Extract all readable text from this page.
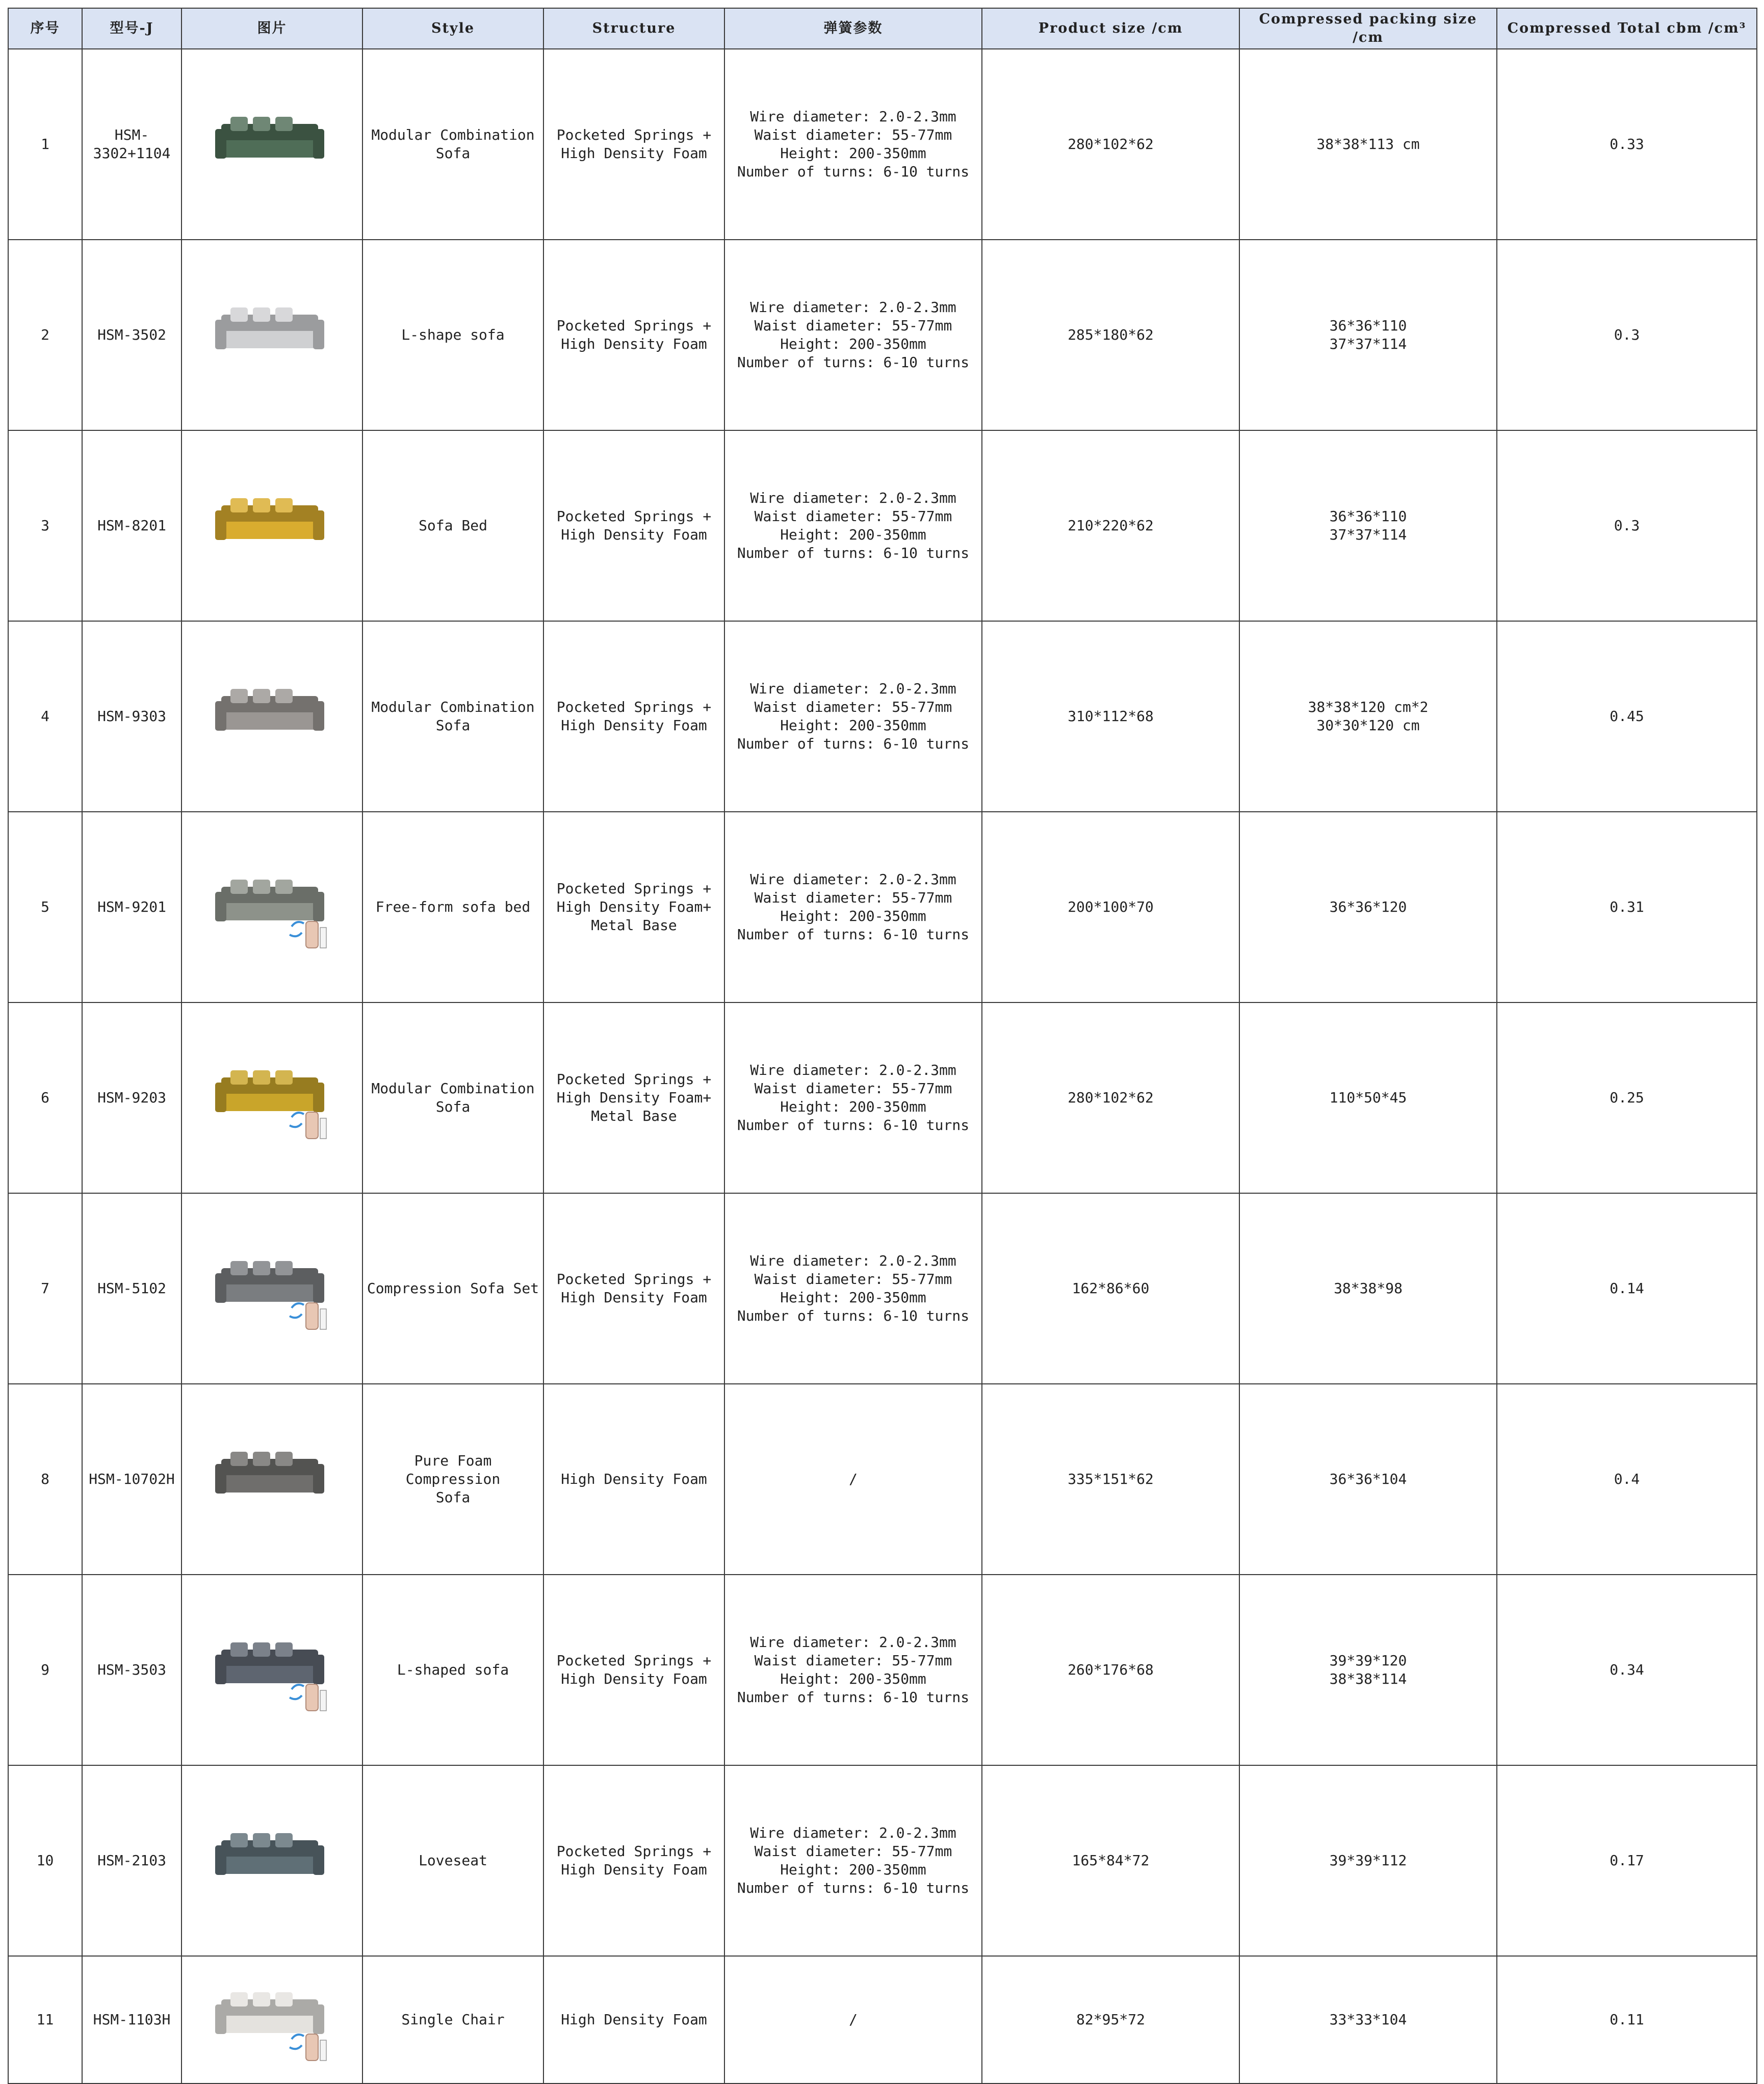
序号	型号-J	图片	Style	Structure	弹簧参数	Product size /cm	Compressed packing size /cm	Compressed Total cbm /cm³
1	HSM-
3302+1104		Modular Combination
Sofa	Pocketed Springs +
High Density Foam	Wire diameter: 2.0-2.3mm
Waist diameter: 55-77mm
Height: 200-350mm
Number of turns: 6-10 turns	280*102*62	38*38*113 cm	0.33
2	HSM-3502		L-shape sofa	Pocketed Springs +
High Density Foam	Wire diameter: 2.0-2.3mm
Waist diameter: 55-77mm
Height: 200-350mm
Number of turns: 6-10 turns	285*180*62	36*36*110
37*37*114	0.3
3	HSM-8201		Sofa Bed	Pocketed Springs +
High Density Foam	Wire diameter: 2.0-2.3mm
Waist diameter: 55-77mm
Height: 200-350mm
Number of turns: 6-10 turns	210*220*62	36*36*110
37*37*114	0.3
4	HSM-9303		Modular Combination
Sofa	Pocketed Springs +
High Density Foam	Wire diameter: 2.0-2.3mm
Waist diameter: 55-77mm
Height: 200-350mm
Number of turns: 6-10 turns	310*112*68	38*38*120 cm*2
30*30*120 cm	0.45
5	HSM-9201		Free-form sofa bed	Pocketed Springs +
High Density Foam+
Metal Base	Wire diameter: 2.0-2.3mm
Waist diameter: 55-77mm
Height: 200-350mm
Number of turns: 6-10 turns	200*100*70	36*36*120	0.31
6	HSM-9203		Modular Combination
Sofa	Pocketed Springs +
High Density Foam+
Metal Base	Wire diameter: 2.0-2.3mm
Waist diameter: 55-77mm
Height: 200-350mm
Number of turns: 6-10 turns	280*102*62	110*50*45	0.25
7	HSM-5102		Compression Sofa Set	Pocketed Springs +
High Density Foam	Wire diameter: 2.0-2.3mm
Waist diameter: 55-77mm
Height: 200-350mm
Number of turns: 6-10 turns	162*86*60	38*38*98	0.14
8	HSM-10702H		Pure Foam Compression
Sofa	High Density Foam	/	335*151*62	36*36*104	0.4
9	HSM-3503		L-shaped sofa	Pocketed Springs +
High Density Foam	Wire diameter: 2.0-2.3mm
Waist diameter: 55-77mm
Height: 200-350mm
Number of turns: 6-10 turns	260*176*68	39*39*120
38*38*114	0.34
10	HSM-2103		Loveseat	Pocketed Springs +
High Density Foam	Wire diameter: 2.0-2.3mm
Waist diameter: 55-77mm
Height: 200-350mm
Number of turns: 6-10 turns	165*84*72	39*39*112	0.17
11	HSM-1103H		Single Chair	High Density Foam	/	82*95*72	33*33*104	0.11
